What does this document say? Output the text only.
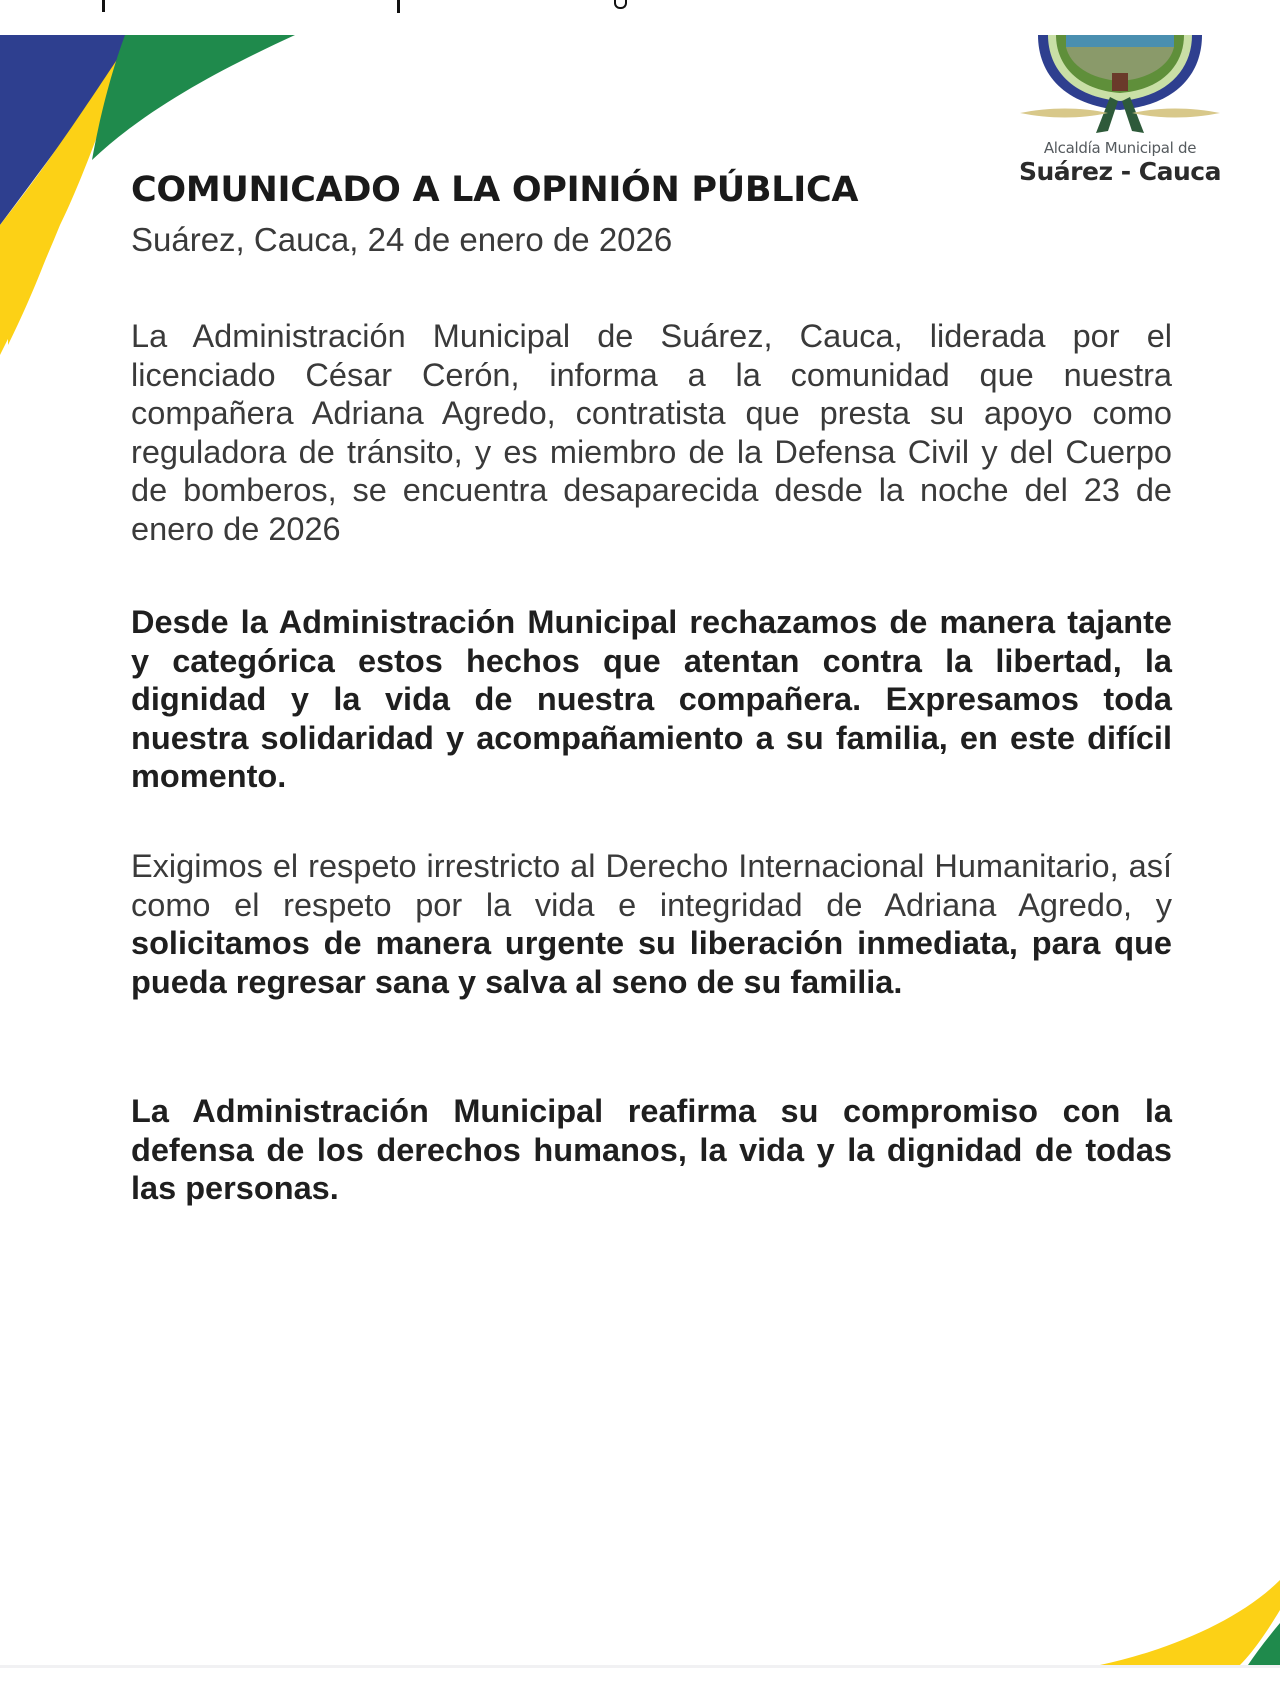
Alcaldía Municipal de
Suárez - Cauca
COMUNICADO A LA OPINIÓN PÚBLICA
Suárez, Cauca, 24 de enero de 2026

La Administración Municipal de Suárez, Cauca, liderada por el licenciado César Cerón, informa a la comunidad que nuestra compañera Adriana Agredo, contratista que presta su apoyo como reguladora de tránsito, y es miembro de la Defensa Civil y del Cuerpo de bomberos, se encuentra desaparecida desde la noche del 23 de enero de 2026

Desde la Administración Municipal rechazamos de manera tajante y categórica estos hechos que atentan contra la libertad, la dignidad y la vida de nuestra compañera. Expresamos toda nuestra solidaridad y acompañamiento a su familia, en este difícil momento.

Exigimos el respeto irrestricto al Derecho Internacional Humanitario, así como el respeto por la vida e integridad de Adriana Agredo, y solicitamos de manera urgente su liberación inmediata, para que pueda regresar sana y salva al seno de su familia.

La Administración Municipal reafirma su compromiso con la defensa de los derechos humanos, la vida y la dignidad de todas las personas.
